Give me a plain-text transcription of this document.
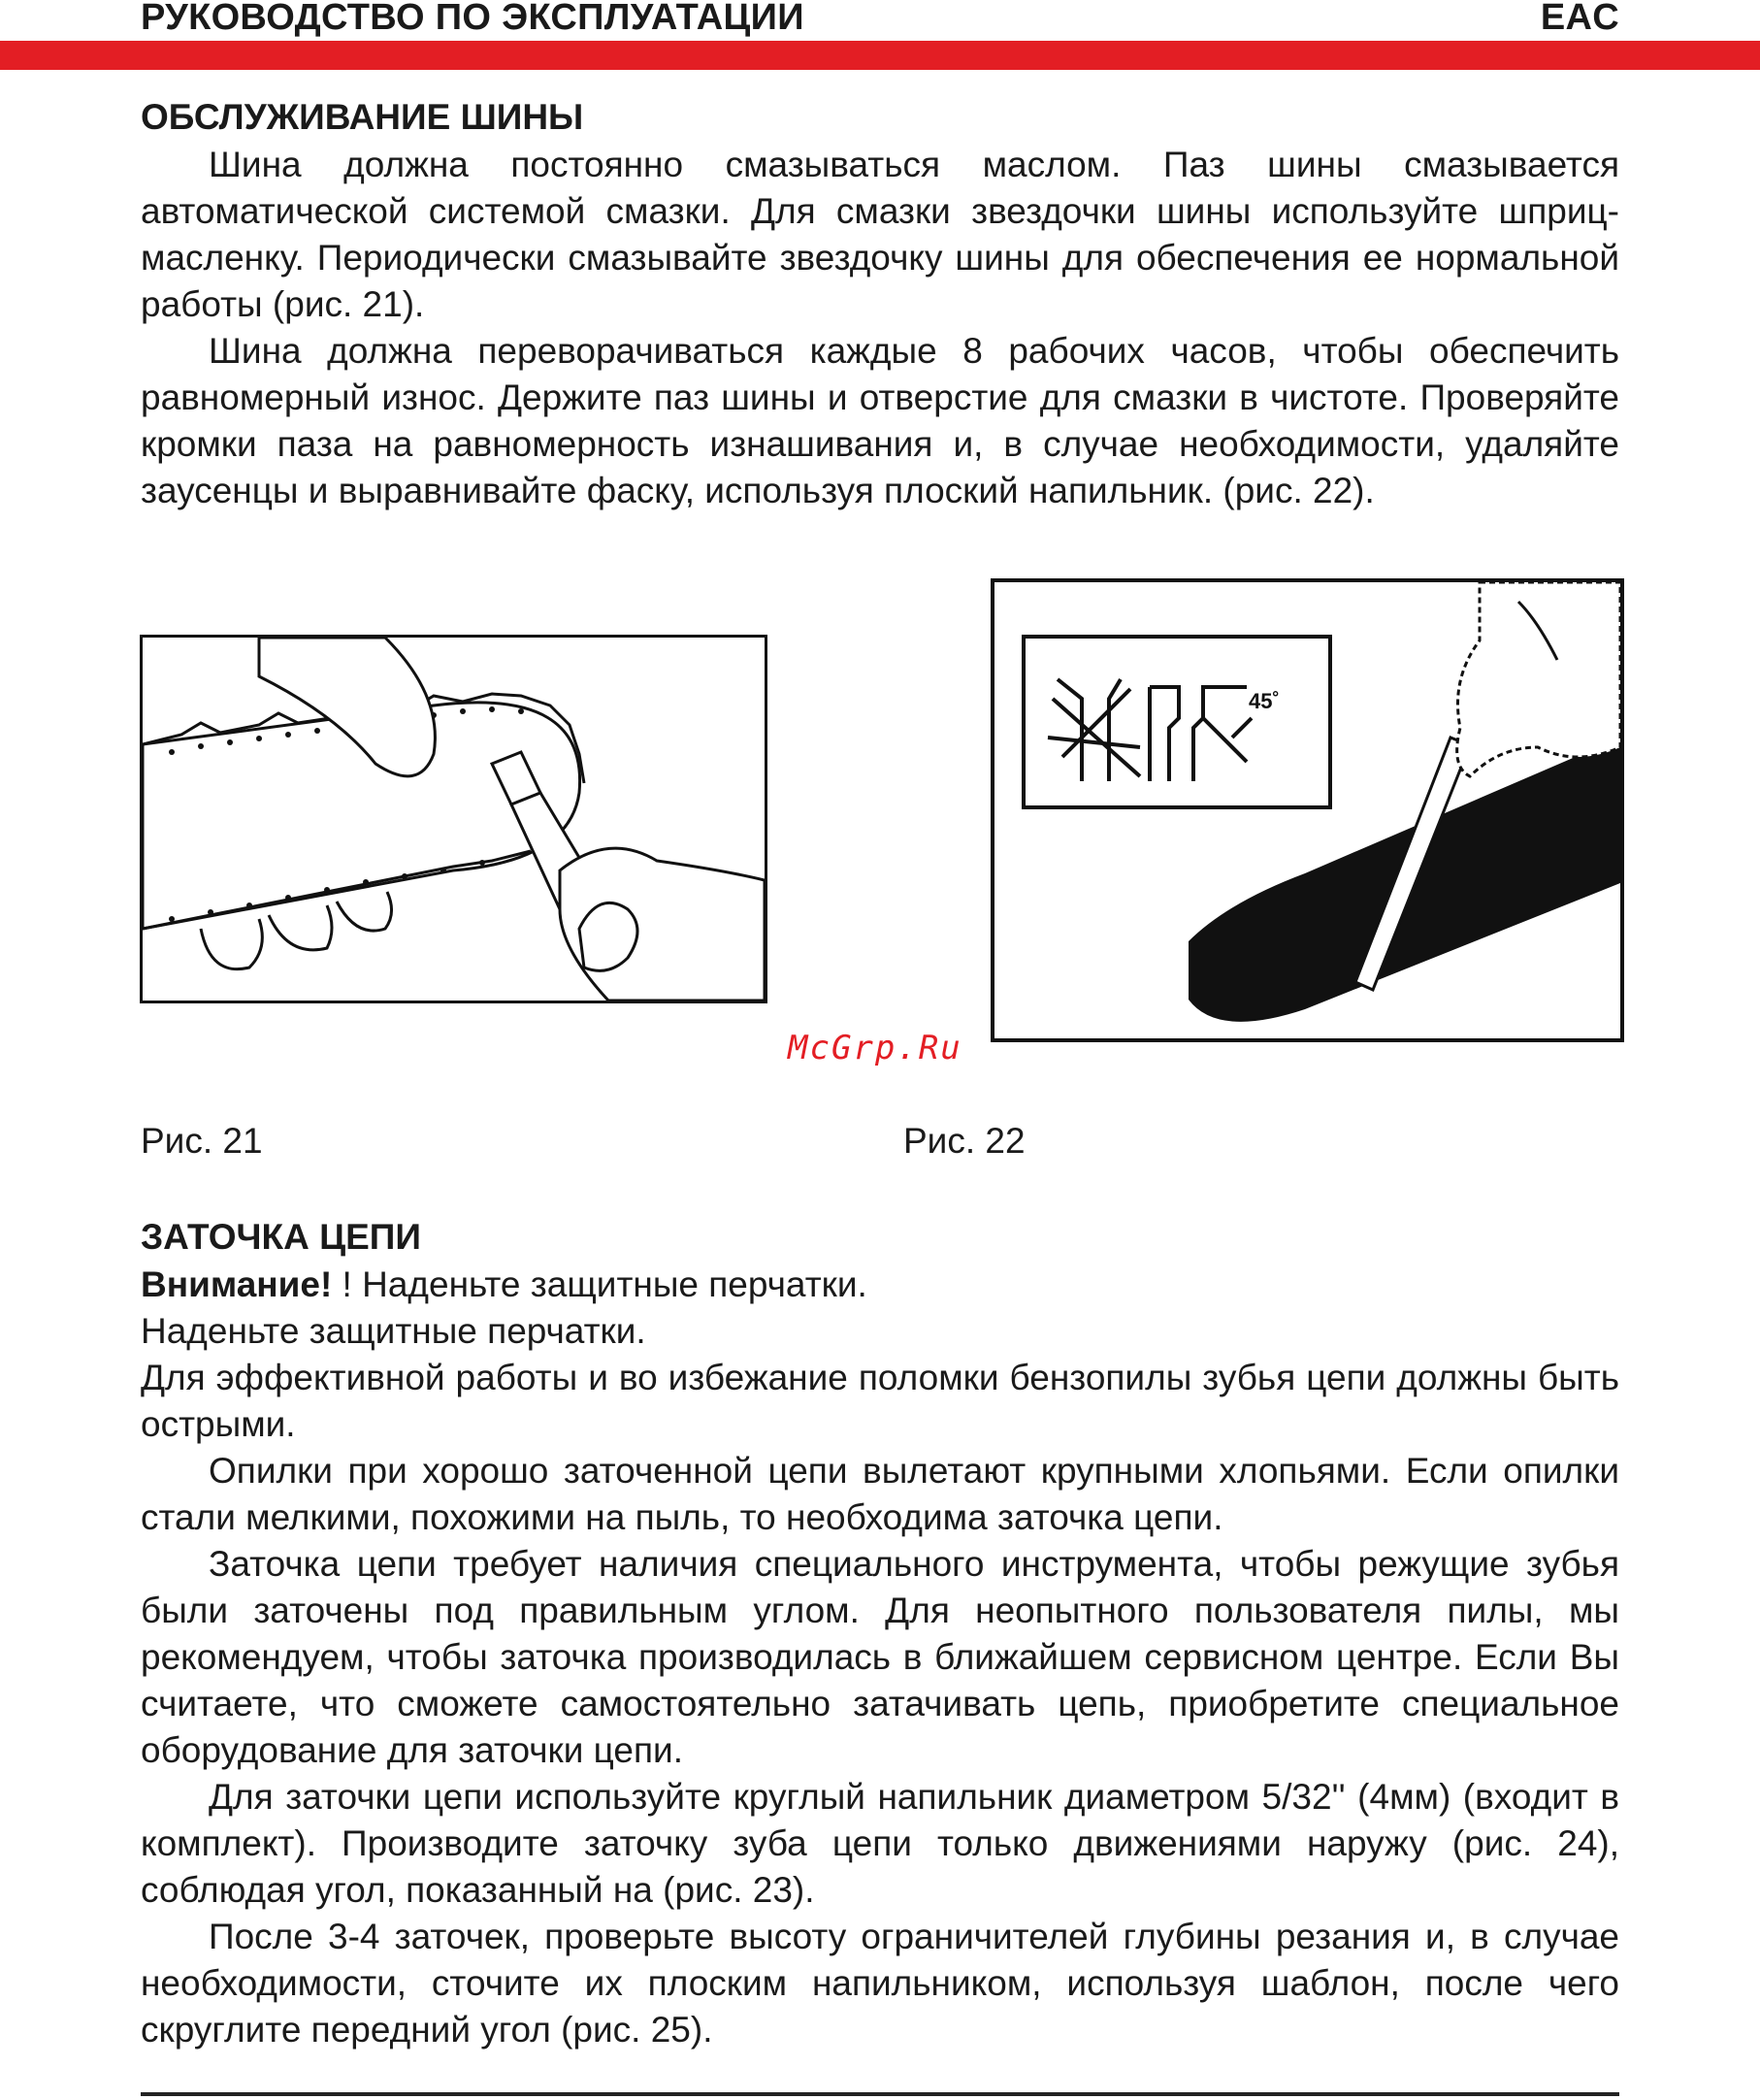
РУКОВОДСТВО ПО ЭКСПЛУАТАЦИИ	EAC
ОБСЛУЖИВАНИЕ ШИНЫ

Шина должна постоянно смазываться маслом. Паз шины смазывается автоматической системой смазки. Для смазки звездочки шины используйте шприц-масленку. Периодически смазывайте звездочку шины для обеспечения ее нормальной работы (рис. 21).

Шина должна переворачиваться каждые 8 рабочих часов, чтобы обеспечить равномерный износ. Держите паз шины и отверстие для смазки в чистоте. Проверяйте кромки паза на равномерность изнашивания и, в случае необходимости, удаляйте заусенцы и выравнивайте фаску, используя плоский напильник. (рис. 22).

45˚
McGrp.Ru
Рис. 21	Рис. 22
ЗАТОЧКА ЦЕПИ

Внимание! ! Наденьте защитные перчатки.

Наденьте защитные перчатки.

Для эффективной работы и во избежание поломки бензопилы зубья цепи должны быть острыми.

Опилки при хорошо заточенной цепи вылетают крупными хлопьями. Если опилки стали мелкими, похожими на пыль, то необходима заточка цепи.

Заточка цепи требует наличия специального инструмента, чтобы режущие зубья были заточены под правильным углом. Для неопытного пользователя пилы, мы рекомендуем, чтобы заточка производилась в ближайшем сервисном центре. Если Вы считаете, что сможете самостоятельно затачивать цепь, приобретите специальное оборудование для заточки цепи.

Для заточки цепи используйте круглый напильник диаметром 5/32'' (4мм) (входит в комплект). Производите заточку зуба цепи только движениями наружу (рис. 24), соблюдая угол, показанный на (рис. 23).

После 3-4 заточек, проверьте высоту ограничителей глубины резания и, в случае необходимости, сточите их плоским напильником, используя шаблон, после чего скруглите передний угол (рис. 25).
